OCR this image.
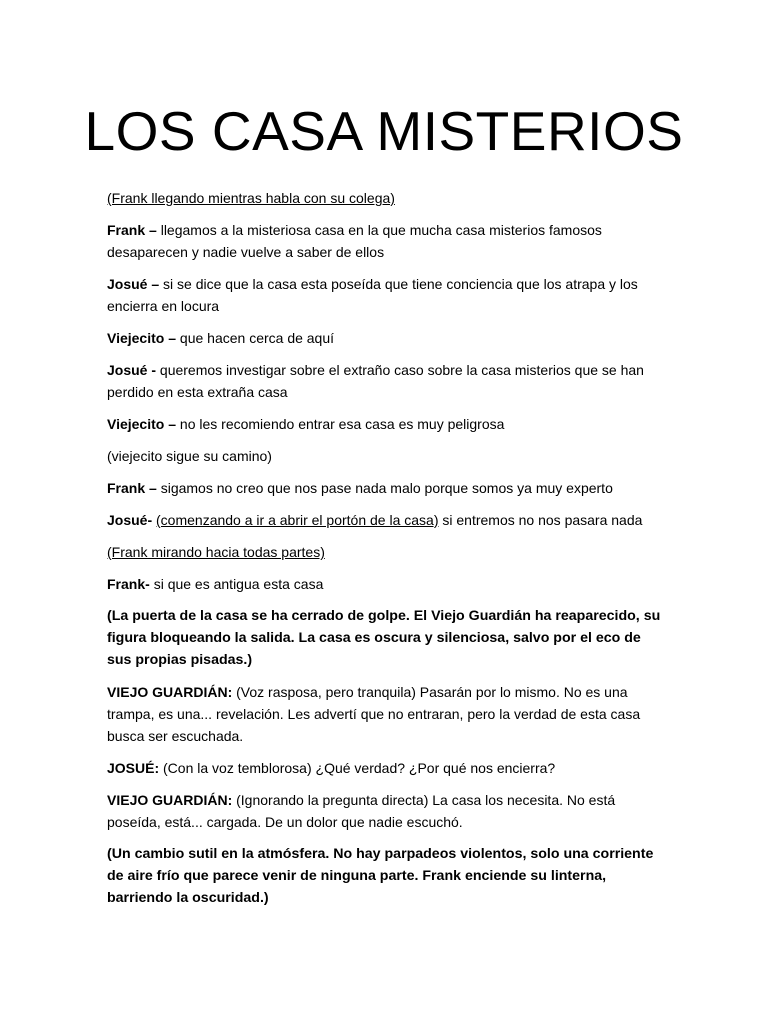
LOS CASA MISTERIOS

(Frank llegando mientras habla con su colega)

Frank – llegamos a la misteriosa casa en la que mucha casa misterios famosos desaparecen y nadie vuelve a saber de ellos

Josué – si se dice que la casa esta poseída que tiene conciencia que los atrapa y los encierra en locura

Viejecito – que hacen cerca de aquí

Josué - queremos investigar sobre el extraño caso sobre la casa misterios que se han perdido en esta extraña casa

Viejecito – no les recomiendo entrar esa casa es muy peligrosa

(viejecito sigue su camino)

Frank – sigamos no creo que nos pase nada malo porque somos ya muy experto

Josué- (comenzando a ir a abrir el portón de la casa) si entremos no nos pasara nada

(Frank mirando hacia todas partes)

Frank- si que es antigua esta casa

(La puerta de la casa se ha cerrado de golpe. El Viejo Guardián ha reaparecido, su figura bloqueando la salida. La casa es oscura y silenciosa, salvo por el eco de sus propias pisadas.)

VIEJO GUARDIÁN: (Voz rasposa, pero tranquila) Pasarán por lo mismo. No es una trampa, es una... revelación. Les advertí que no entraran, pero la verdad de esta casa busca ser escuchada.

JOSUÉ: (Con la voz temblorosa) ¿Qué verdad? ¿Por qué nos encierra?

VIEJO GUARDIÁN: (Ignorando la pregunta directa) La casa los necesita. No está poseída, está... cargada. De un dolor que nadie escuchó.

(Un cambio sutil en la atmósfera. No hay parpadeos violentos, solo una corriente de aire frío que parece venir de ninguna parte. Frank enciende su linterna, barriendo la oscuridad.)
